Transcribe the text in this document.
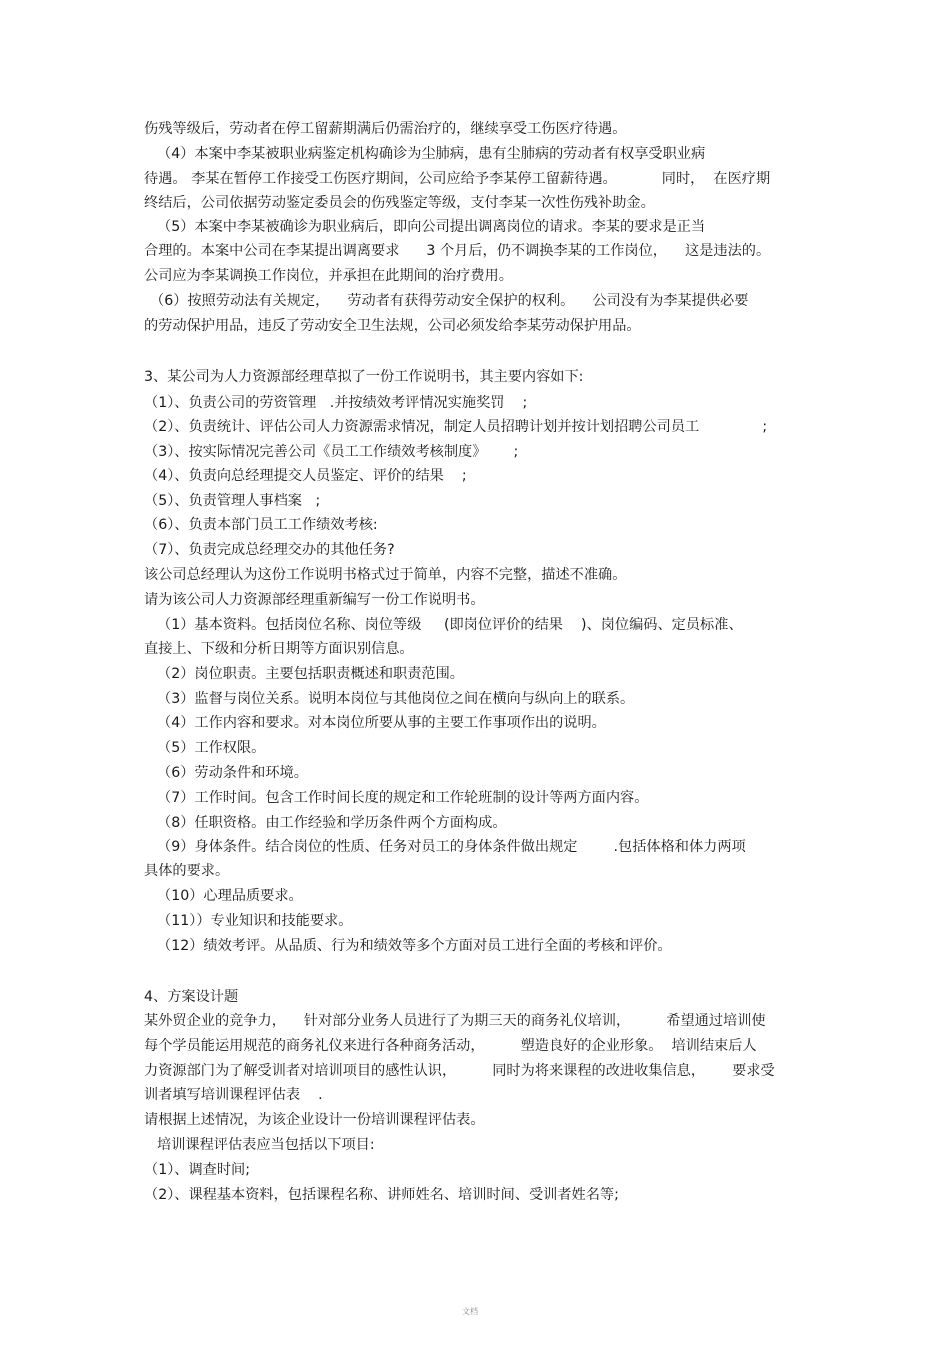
伤残等级后，劳动者在停工留薪期满后仍需治疗的，继续享受工伤医疗待遇。

（4）本案中李某被职业病鉴定机构确诊为尘肺病，患有尘肺病的劳动者有权享受职业病

待遇。 李某在暂停工作接受工伤医疗期间，公司应给予李某停工留薪待遇。          同时，  在医疗期

终结后，公司依据劳动鉴定委员会的伤残鉴定等级，支付李某一次性伤残补助金。

（5）本案中李某被确诊为职业病后，即向公司提出调离岗位的请求。李某的要求是正当

合理的。本案中公司在李某提出调离要求      3 个月后，仍不调换李某的工作岗位，    这是违法的。

公司应为李某调换工作岗位，并承担在此期间的治疗费用。

（6）按照劳动法有关规定，    劳动者有获得劳动安全保护的权利。    公司没有为李某提供必要

的劳动保护用品，违反了劳动安全卫生法规，公司必须发给李某劳动保护用品。

3、某公司为人力资源部经理草拟了一份工作说明书，其主要内容如下:

（1）、负责公司的劳资管理   .并按绩效考评情况实施奖罚    ;

（2）、负责统计、评估公司人力资源需求情况，制定人员招聘计划并按计划招聘公司员工              ;

（3）、按实际情况完善公司《员工工作绩效考核制度》      ;

（4）、负责向总经理提交人员鉴定、评价的结果    ;

（5）、负责管理人事档案   ;

（6）、负责本部门员工工作绩效考核:

（7）、负责完成总经理交办的其他任务?

该公司总经理认为这份工作说明书格式过于简单，内容不完整，描述不准确。

请为该公司人力资源部经理重新编写一份工作说明书。

（1）基本资料。包括岗位名称、岗位等级     (即岗位评价的结果    )、岗位编码、定员标准、

直接上、下级和分析日期等方面识别信息。

（2）岗位职责。主要包括职责概述和职责范围。

（3）监督与岗位关系。说明本岗位与其他岗位之间在横向与纵向上的联系。

（4）工作内容和要求。对本岗位所要从事的主要工作事项作出的说明。

（5）工作权限。

（6）劳动条件和环境。

（7）工作时间。包含工作时间长度的规定和工作轮班制的设计等两方面内容。

（8）任职资格。由工作经验和学历条件两个方面构成。

（9）身体条件。结合岗位的性质、任务对员工的身体条件做出规定        .包括体格和体力两项

具体的要求。

（10）心理品质要求。

（11））专业知识和技能要求。

（12）绩效考评。从品质、行为和绩效等多个方面对员工进行全面的考核和评价。

4、方案设计题

某外贸企业的竞争力，    针对部分业务人员进行了为期三天的商务礼仪培训，        希望通过培训使

每个学员能运用规范的商务礼仪来进行各种商务活动，        塑造良好的企业形象。  培训结束后人

力资源部门为了解受训者对培训项目的感性认识，        同时为将来课程的改进收集信息，      要求受

训者填写培训课程评估表    .

请根据上述情况，为该企业设计一份培训课程评估表。

培训课程评估表应当包括以下项目:

（1）、调查时间;

（2）、课程基本资料，包括课程名称、讲师姓名、培训时间、受训者姓名等;

文档
